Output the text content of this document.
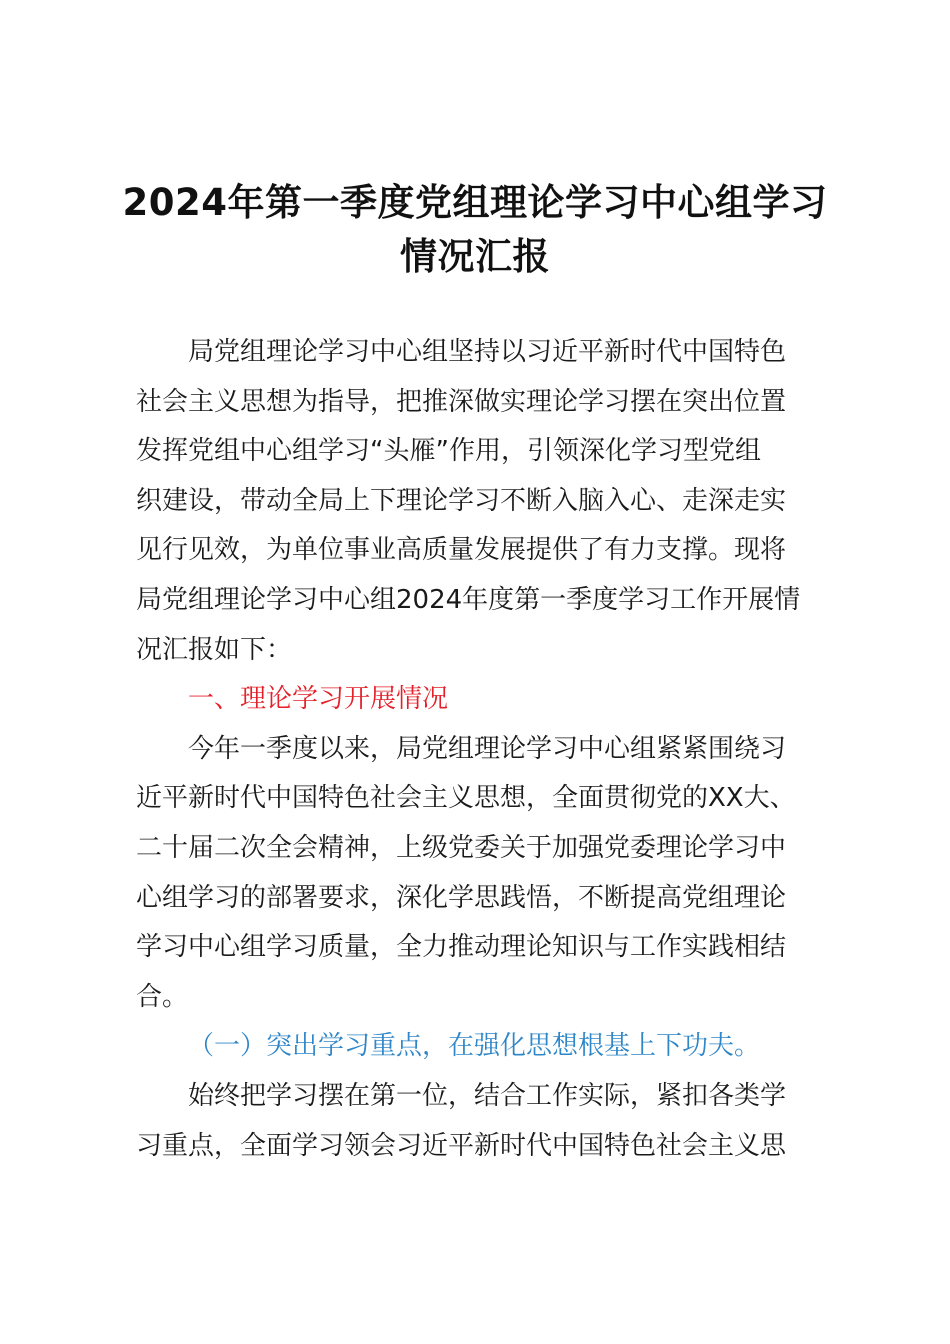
2024年第一季度党组理论学习中心组学习
情况汇报
局党组理论学习中心组坚持以习近平新时代中国特色
社会主义思想为指导，把推深做实理论学习摆在突出位置
发挥党组中心组学习“头雁”作用，引领深化学习型党组
织建设，带动全局上下理论学习不断入脑入心、走深走实
见行见效，为单位事业高质量发展提供了有力支撑。现将
局党组理论学习中心组2024年度第一季度学习工作开展情
况汇报如下：
一、理论学习开展情况
今年一季度以来，局党组理论学习中心组紧紧围绕习
近平新时代中国特色社会主义思想，全面贯彻党的XX大、
二十届二次全会精神，上级党委关于加强党委理论学习中
心组学习的部署要求，深化学思践悟，不断提高党组理论
学习中心组学习质量，全力推动理论知识与工作实践相结
合。
（一）突出学习重点，在强化思想根基上下功夫。
始终把学习摆在第一位，结合工作实际，紧扣各类学
习重点，全面学习领会习近平新时代中国特色社会主义思
